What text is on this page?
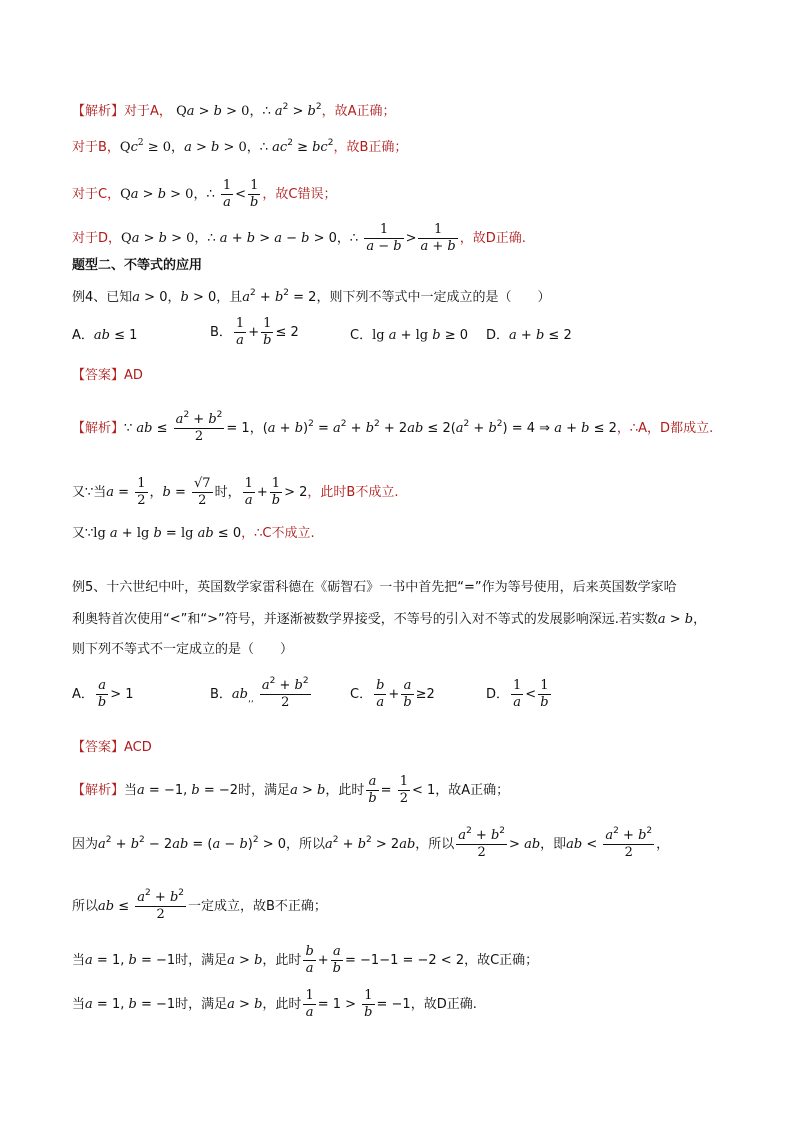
【解析】对于A， Qa > b > 0，∴ $a^2 > b^2$，故A正确；
对于B，$Qc^2 \ge 0$，a > b > 0，∴ $ac^2 \ge bc^2$，故B正确；
对于C，Qa > b > 0，∴ $\frac{1}{a} < \frac{1}{b}$ ，故C错误；
对于D，Qa > b > 0，∴ a + b > a − b > 0，∴ $\frac{1}{a - b} > \frac{1}{a + b}$ ，故D正确.
题型二、不等式的应用
例4、已知a > 0，b > 0，且$a^2 + b^2 = 2$，则下列不等式中一定成立的是（　　）
A．ab ≤ 1	B． $\frac{1}{a} + \frac{1}{b} \le 2$	C．lg a + lg b ≥ 0 D．a + b ≤ 2
【答案】AD
【解析】∵ ab ≤ $\frac{a^2 + b^2}{2} = 1$，$(a + b)^2 = a^2 + b^2 + 2ab \le 2(a^2 + b^2) = 4$ ⇒ a + b ≤ 2，∴A，D都成立.
又∵当$a = \frac{1}{2}$ ，$b = \frac{√7}{2}$ 时， $\frac{1}{a} + \frac{1}{b} > 2$，此时B不成立.
又∵lg a + lg b = lg ab ≤ 0，∴C不成立.
例5、十六世纪中叶，英国数学家雷科德在《砺智石》一书中首先把“=”作为等号使用，后来英国数学家哈
利奥特首次使用“<”和“>”符号，并逐渐被数学界接受，不等号的引入对不等式的发展影响深远.若实数a > b，
则下列不等式不一定成立的是（　　）
A． $\frac{a}{b} > 1$	B．$ab_{,,} \frac{a^2 + b^2}{2}$	C． $\frac{b}{a} + \frac{a}{b} \ge 2$	D． $\frac{1}{a} < \frac{1}{b}$
【答案】ACD
【解析】当a = −1, b = −2时，满足a > b，此时 $\frac{a}{b} = \frac{1}{2} < 1$，故A正确；
因为$a^2 + b^2 - 2ab = (a - b)^2 > 0$，所以$a^2 + b^2 > 2ab$，所以 $\frac{a^2 + b^2}{2}$ > ab，即ab < $\frac{a^2 + b^2}{2}$ ，
所以ab ≤ $\frac{a^2 + b^2}{2}$ 一定成立，故B不正确；
当a = 1, b = −1时，满足a > b，此时 $\frac{b}{a} + \frac{a}{b} = -1-1 = -2 < 2$，故C正确；
当a = 1, b = −1时，满足a > b，此时 $\frac{1}{a} = 1 > \frac{1}{b} = -1$，故D正确.
